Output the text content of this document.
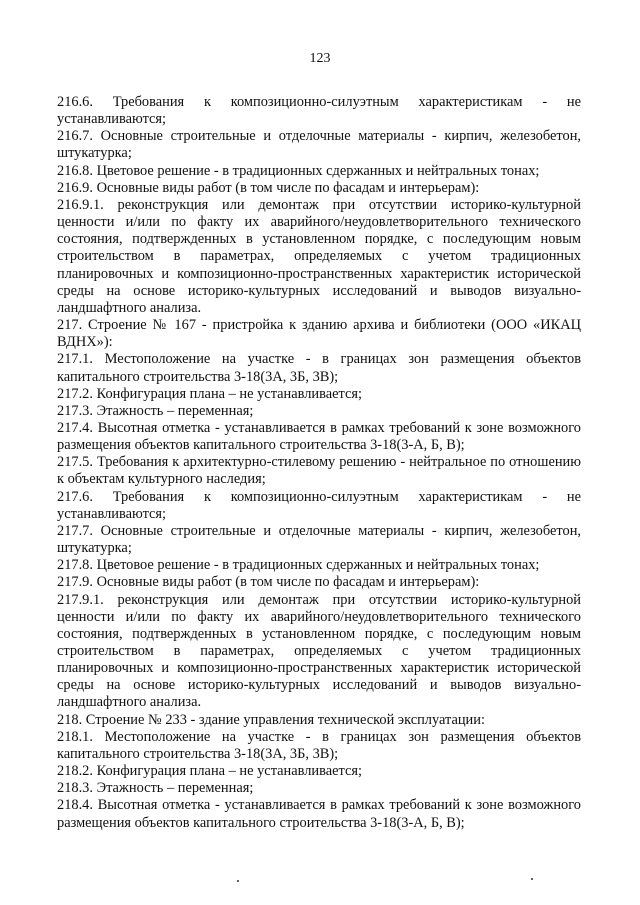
123

216.6. Требования к композиционно-силуэтным характеристикам - не устанавливаются;

216.7. Основные строительные и отделочные материалы - кирпич, железобетон, штукатурка;

216.8. Цветовое решение - в традиционных сдержанных и нейтральных тонах;

216.9. Основные виды работ (в том числе по фасадам и интерьерам):

216.9.1. реконструкция или демонтаж при отсутствии историко-культурной ценности и/или по факту их аварийного/неудовлетворительного технического состояния, подтвержденных в установленном порядке, с последующим новым строительством в параметрах, определяемых с учетом традиционных планировочных и композиционно-пространственных характеристик исторической среды на основе историко-культурных исследований и выводов визуально-ландшафтного анализа.

217. Строение № 167 - пристройка к зданию архива и библиотеки (ООО «ИКАЦ ВДНХ»):

217.1. Местоположение на участке - в границах зон размещения объектов капитального строительства 3-18(3А, 3Б, 3В);

217.2. Конфигурация плана – не устанавливается;

217.3. Этажность – переменная;

217.4. Высотная отметка - устанавливается в рамках требований к зоне возможного размещения объектов капитального строительства 3-18(3-А, Б, В);

217.5. Требования к архитектурно-стилевому решению - нейтральное по отношению к объектам культурного наследия;

217.6. Требования к композиционно-силуэтным характеристикам - не устанавливаются;

217.7. Основные строительные и отделочные материалы - кирпич, железобетон, штукатурка;

217.8. Цветовое решение - в традиционных сдержанных и нейтральных тонах;

217.9. Основные виды работ (в том числе по фасадам и интерьерам):

217.9.1. реконструкция или демонтаж при отсутствии историко-культурной ценности и/или по факту их аварийного/неудовлетворительного технического состояния, подтвержденных в установленном порядке, с последующим новым строительством в параметрах, определяемых с учетом традиционных планировочных и композиционно-пространственных характеристик исторической среды на основе историко-культурных исследований и выводов визуально-ландшафтного анализа.

218. Строение № 233 - здание управления технической эксплуатации:

218.1. Местоположение на участке - в границах зон размещения объектов капитального строительства 3-18(3А, 3Б, 3В);

218.2. Конфигурация плана – не устанавливается;

218.3. Этажность – переменная;

218.4. Высотная отметка - устанавливается в рамках требований к зоне возможного размещения объектов капитального строительства 3-18(3-А, Б, В);
